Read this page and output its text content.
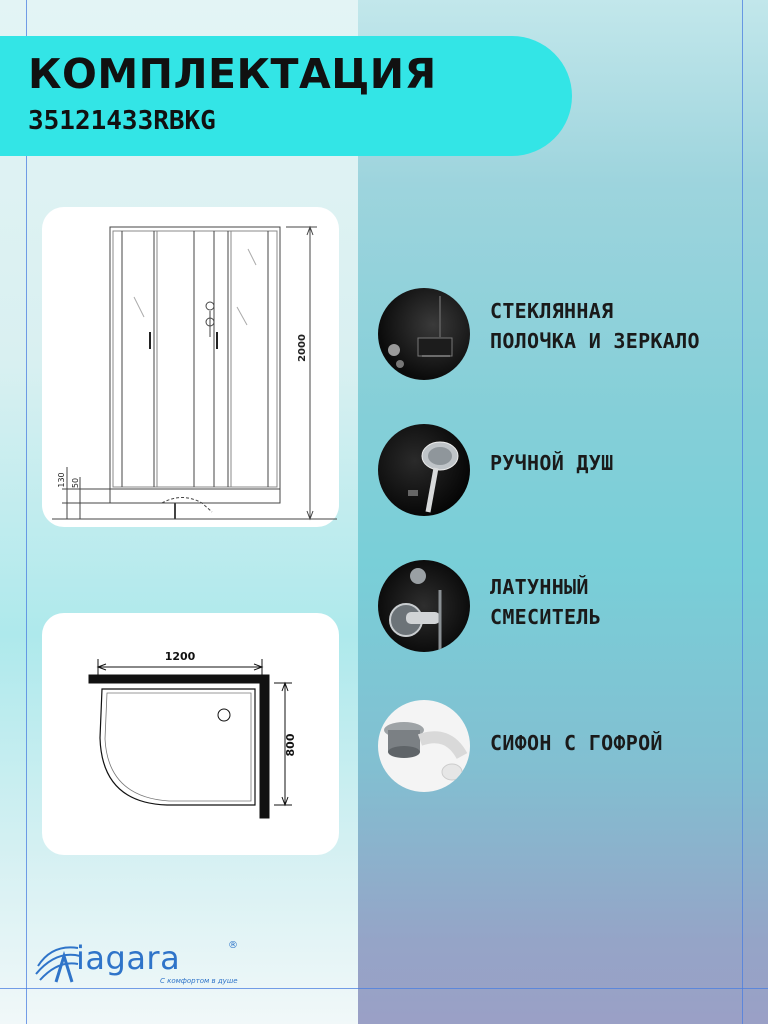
КОМПЛЕКТАЦИЯ

35121433RBKG

2000
130 50
1200
800

СТЕКЛЯННАЯ
ПОЛОЧКА И ЗЕРКАЛО

РУЧНОЙ ДУШ

ЛАТУННЫЙ
СМЕСИТЕЛЬ

СИФОН С ГОФРОЙ

iagara	®

С комфортом в душе
